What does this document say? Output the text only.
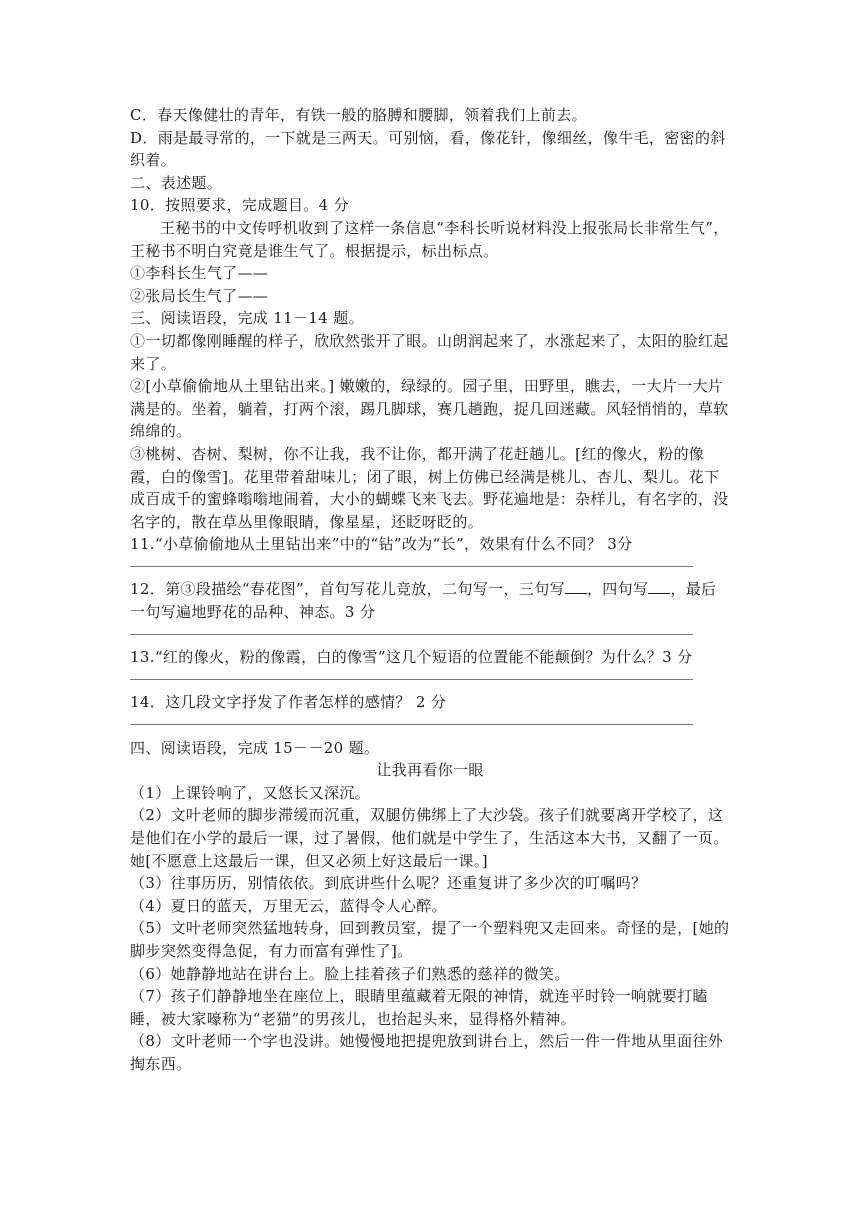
C．春天像健壮的青年，有铁一般的胳膊和腰脚，领着我们上前去。

D．雨是最寻常的，一下就是三两天。可别恼，看，像花针，像细丝，像牛毛，密密的斜织着。

二、表述题。

10．按照要求，完成题目。4 分

王秘书的中文传呼机收到了这样一条信息“李科长听说材料没上报张局长非常生气”，王秘书不明白究竟是谁生气了。根据提示，标出标点。

①李科长生气了——

②张局长生气了——

三、阅读语段，完成 11－14 题。

①一切都像刚睡醒的样子，欣欣然张开了眼。山朗润起来了，水涨起来了，太阳的脸红起来了。

②[小草偷偷地从土里钻出来。] 嫩嫩的，绿绿的。园子里，田野里，瞧去，一大片一大片满是的。坐着，躺着，打两个滚，踢几脚球，赛几趟跑，捉几回迷藏。风轻悄悄的，草软绵绵的。

③桃树、杏树、梨树，你不让我，我不让你，都开满了花赶趟儿。[红的像火，粉的像霞，白的像雪]。花里带着甜味儿；闭了眼，树上仿佛已经满是桃儿、杏儿、梨儿。花下成百成千的蜜蜂嗡嗡地闹着，大小的蝴蝶飞来飞去。野花遍地是：杂样儿，有名字的，没名字的，散在草丛里像眼睛，像星星，还眨呀眨的。

11.“小草偷偷地从土里钻出来”中的“钻”改为“长”，效果有什么不同？ 3分

12．第③段描绘“春花图”，首句写花儿竞放，二句写一，三句写 ，四句写 ，最后一句写遍地野花的品种、神态。3 分

13.“红的像火，粉的像霞，白的像雪”这几个短语的位置能不能颠倒？为什么？3 分

14．这几段文字抒发了作者怎样的感情？ 2 分

四、阅读语段，完成 15－－20 题。

让我再看你一眼

（1）上课铃响了，又悠长又深沉。

（2）文叶老师的脚步滞缓而沉重，双腿仿佛绑上了大沙袋。孩子们就要离开学校了，这是他们在小学的最后一课，过了暑假，他们就是中学生了，生活这本大书，又翻了一页。她[不愿意上这最后一课，但又必须上好这最后一课。]

（3）往事历历，别情依依。到底讲些什么呢？还重复讲了多少次的叮嘱吗？

（4）夏日的蓝天，万里无云，蓝得令人心醉。

（5）文叶老师突然猛地转身，回到教员室，提了一个塑料兜又走回来。奇怪的是，[她的脚步突然变得急促，有力而富有弹性了]。

（6）她静静地站在讲台上。脸上挂着孩子们熟悉的慈祥的微笑。

（7）孩子们静静地坐在座位上，眼睛里蕴藏着无限的神情，就连平时铃一响就要打瞌睡，被大家嚎称为“老猫”的男孩儿，也抬起头来，显得格外精神。

（8）文叶老师一个字也没讲。她慢慢地把提兜放到讲台上，然后一件一件地从里面往外掏东西。
